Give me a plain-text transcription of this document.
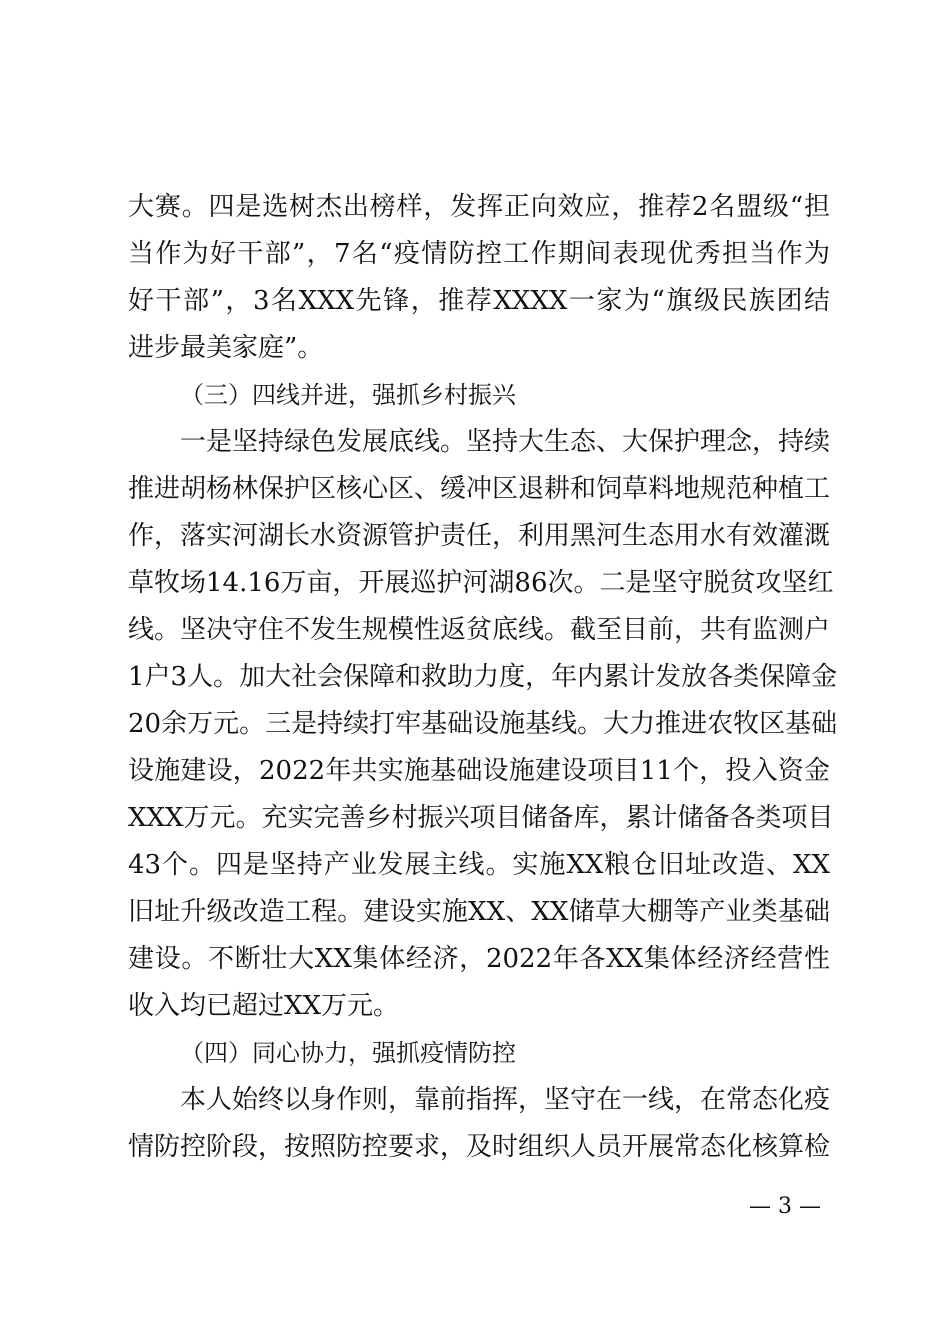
大赛。四是选树杰出榜样，发挥正向效应，推荐2名盟级“担
当作为好干部”，7名“疫情防控工作期间表现优秀担当作为
好干部”，3名XXX先锋，推荐XXXX一家为“旗级民族团结
进步最美家庭”。
（三）四线并进，强抓乡村振兴
一是坚持绿色发展底线。坚持大生态、大保护理念，持续
推进胡杨林保护区核心区、缓冲区退耕和饲草料地规范种植工
作，落实河湖长水资源管护责任，利用黑河生态用水有效灌溉
草牧场14.16万亩，开展巡护河湖86次。二是坚守脱贫攻坚红
线。坚决守住不发生规模性返贫底线。截至目前，共有监测户
1户3人。加大社会保障和救助力度，年内累计发放各类保障金
20余万元。三是持续打牢基础设施基线。大力推进农牧区基础
设施建设，2022年共实施基础设施建设项目11个，投入资金
XXX万元。充实完善乡村振兴项目储备库，累计储备各类项目
43个。四是坚持产业发展主线。实施XX粮仓旧址改造、XX
旧址升级改造工程。建设实施XX、XX储草大棚等产业类基础
建设。不断壮大XX集体经济，2022年各XX集体经济经营性
收入均已超过XX万元。
（四）同心协力，强抓疫情防控
本人始终以身作则，靠前指挥，坚守在一线，在常态化疫
情防控阶段，按照防控要求，及时组织人员开展常态化核算检
— 3 —
